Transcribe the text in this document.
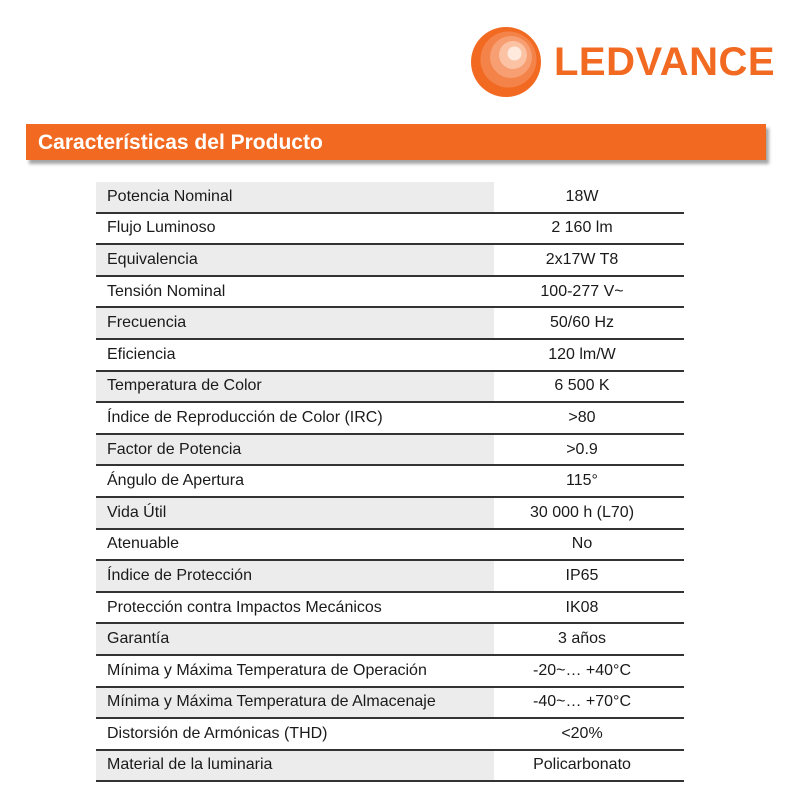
LEDVANCE
Características del Producto
Potencia Nominal	18W
Flujo Luminoso	2 160 lm
Equivalencia	2x17W T8
Tensión Nominal	100-277 V~
Frecuencia	50/60 Hz
Eficiencia	120 lm/W
Temperatura de Color	6 500 K
Índice de Reproducción de Color (IRC)	>80
Factor de Potencia	>0.9
Ángulo de Apertura	115°
Vida Útil	30 000 h (L70)
Atenuable	No
Índice de Protección	IP65
Protección contra Impactos Mecánicos	IK08
Garantía	3 años
Mínima y Máxima Temperatura de Operación	-20~… +40°C
Mínima y Máxima Temperatura de Almacenaje	-40~… +70°C
Distorsión de Armónicas (THD)	<20%
Material de la luminaria	Policarbonato
